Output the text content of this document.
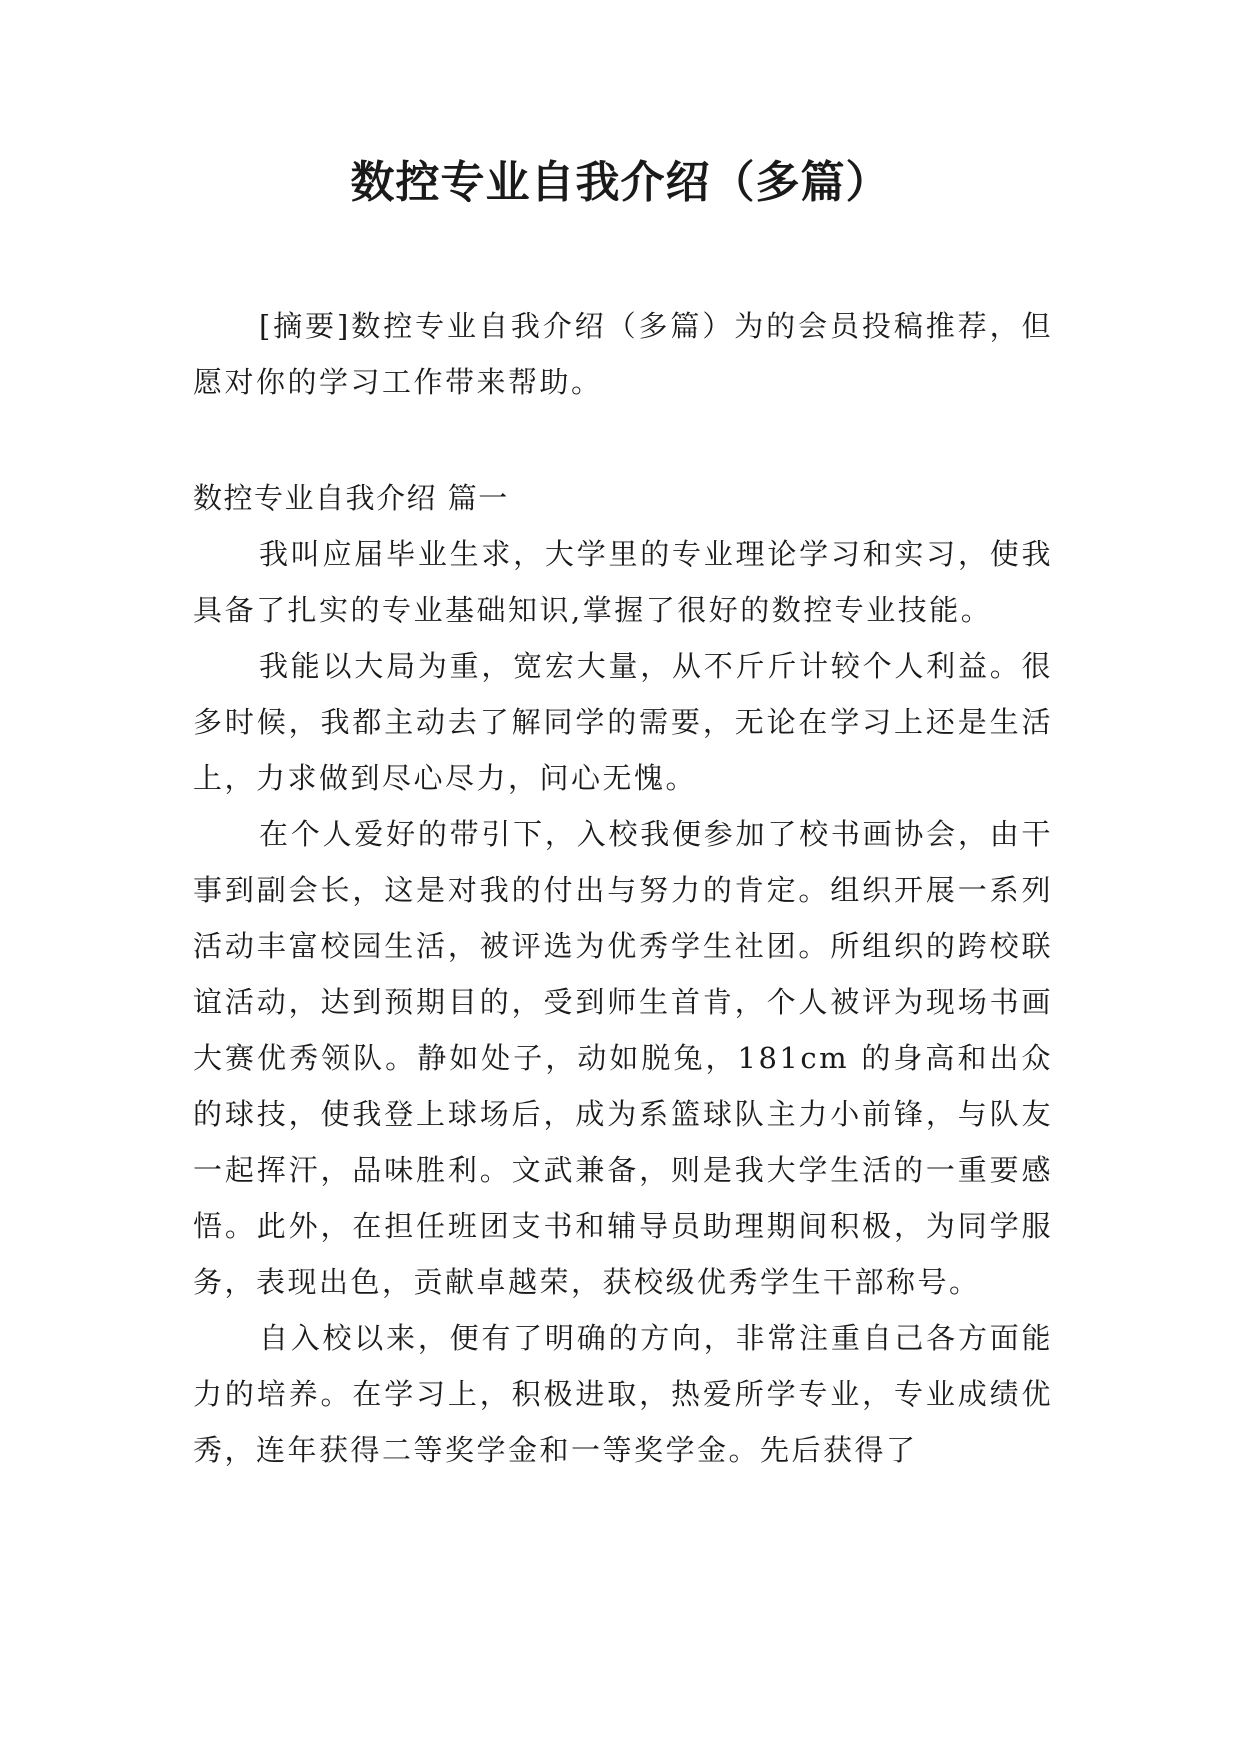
数控专业自我介绍（多篇）

[摘要]数控专业自我介绍（多篇）为的会员投稿推荐，但愿对你的学习工作带来帮助。

数控专业自我介绍 篇一

我叫应届毕业生求，大学里的专业理论学习和实习，使我具备了扎实的专业基础知识,掌握了很好的数控专业技能。

我能以大局为重，宽宏大量，从不斤斤计较个人利益。很多时候，我都主动去了解同学的需要，无论在学习上还是生活上，力求做到尽心尽力，问心无愧。

在个人爱好的带引下，入校我便参加了校书画协会，由干事到副会长，这是对我的付出与努力的肯定。组织开展一系列活动丰富校园生活，被评选为优秀学生社团。所组织的跨校联谊活动，达到预期目的，受到师生首肯，个人被评为现场书画大赛优秀领队。静如处子，动如脱兔，181cm 的身高和出众的球技，使我登上球场后，成为系篮球队主力小前锋，与队友一起挥汗，品味胜利。文武兼备，则是我大学生活的一重要感悟。此外，在担任班团支书和辅导员助理期间积极，为同学服务，表现出色，贡献卓越荣，获校级优秀学生干部称号。

自入校以来，便有了明确的方向，非常注重自己各方面能力的培养。在学习上，积极进取，热爱所学专业，专业成绩优秀，连年获得二等奖学金和一等奖学金。先后获得了
